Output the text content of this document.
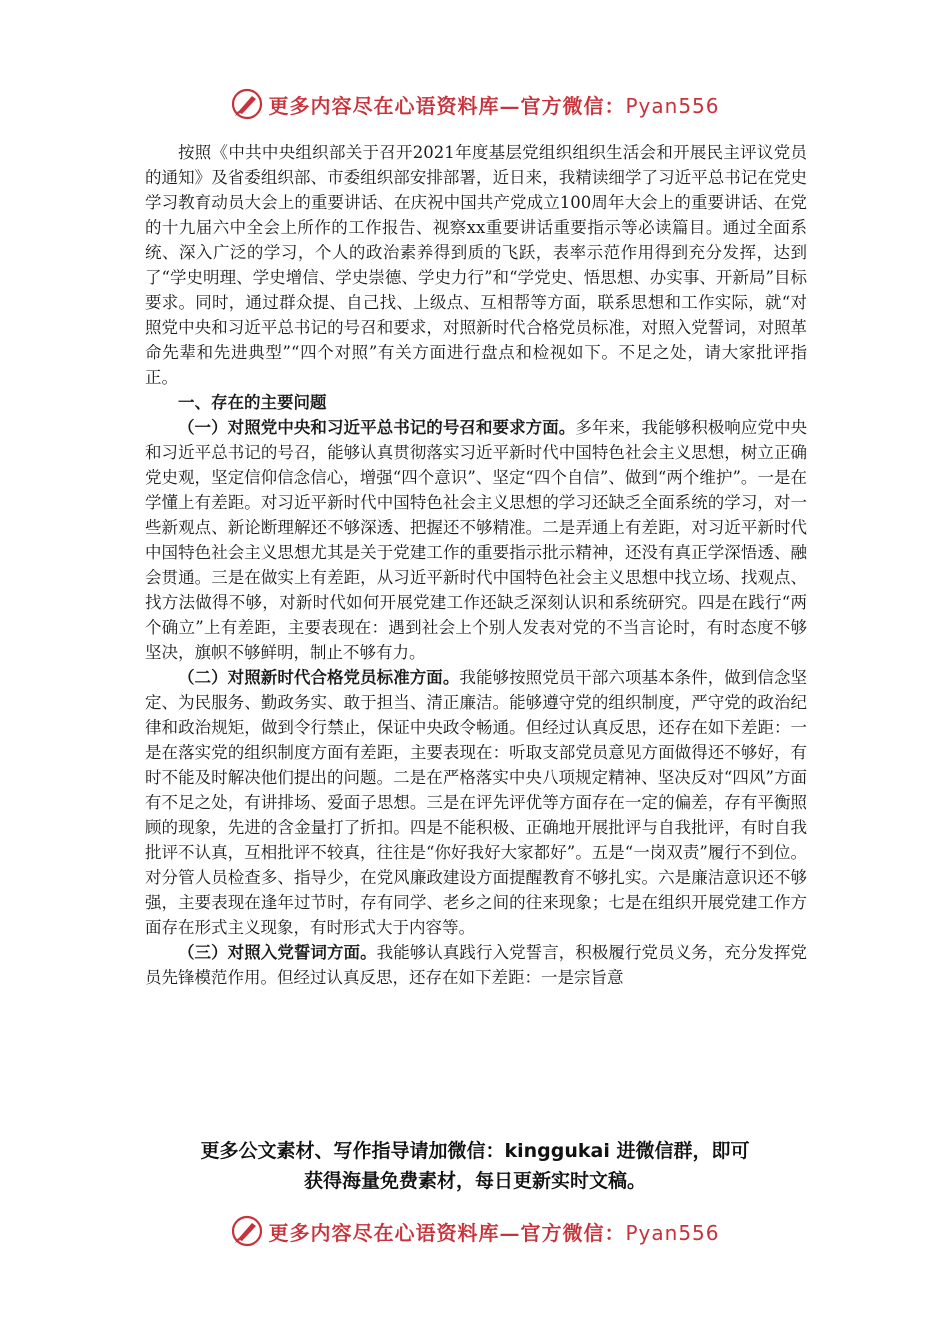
更多内容尽在心语资料库—官方微信：Pyan556

按照《中共中央组织部关于召开2021年度基层党组织组织生活会和开展民主评议党员的通知》及省委组织部、市委组织部安排部署，近日来，我精读细学了习近平总书记在党史学习教育动员大会上的重要讲话、在庆祝中国共产党成立100周年大会上的重要讲话、在党的十九届六中全会上所作的工作报告、视察xx重要讲话重要指示等必读篇目。通过全面系统、深入广泛的学习，个人的政治素养得到质的飞跃，表率示范作用得到充分发挥，达到了“学史明理、学史增信、学史崇德、学史力行”和“学党史、悟思想、办实事、开新局”目标要求。同时，通过群众提、自己找、上级点、互相帮等方面，联系思想和工作实际，就“对照党中央和习近平总书记的号召和要求，对照新时代合格党员标准，对照入党誓词，对照革命先辈和先进典型”“四个对照”有关方面进行盘点和检视如下。不足之处，请大家批评指正。

一、存在的主要问题

（一）对照党中央和习近平总书记的号召和要求方面。多年来，我能够积极响应党中央和习近平总书记的号召，能够认真贯彻落实习近平新时代中国特色社会主义思想，树立正确党史观，坚定信仰信念信心，增强“四个意识”、坚定“四个自信”、做到“两个维护”。一是在学懂上有差距。对习近平新时代中国特色社会主义思想的学习还缺乏全面系统的学习，对一些新观点、新论断理解还不够深透、把握还不够精准。二是弄通上有差距，对习近平新时代中国特色社会主义思想尤其是关于党建工作的重要指示批示精神，还没有真正学深悟透、融会贯通。三是在做实上有差距，从习近平新时代中国特色社会主义思想中找立场、找观点、找方法做得不够，对新时代如何开展党建工作还缺乏深刻认识和系统研究。四是在践行“两个确立”上有差距，主要表现在：遇到社会上个别人发表对党的不当言论时，有时态度不够坚决，旗帜不够鲜明，制止不够有力。

（二）对照新时代合格党员标准方面。我能够按照党员干部六项基本条件，做到信念坚定、为民服务、勤政务实、敢于担当、清正廉洁。能够遵守党的组织制度，严守党的政治纪律和政治规矩，做到令行禁止，保证中央政令畅通。但经过认真反思，还存在如下差距：一是在落实党的组织制度方面有差距，主要表现在：听取支部党员意见方面做得还不够好，有时不能及时解决他们提出的问题。二是在严格落实中央八项规定精神、坚决反对“四风”方面有不足之处，有讲排场、爱面子思想。三是在评先评优等方面存在一定的偏差，存有平衡照顾的现象，先进的含金量打了折扣。四是不能积极、正确地开展批评与自我批评，有时自我批评不认真，互相批评不较真，往往是“你好我好大家都好”。五是“一岗双责”履行不到位。对分管人员检查多、指导少，在党风廉政建设方面提醒教育不够扎实。六是廉洁意识还不够强，主要表现在逢年过节时，存有同学、老乡之间的往来现象；七是在组织开展党建工作方面存在形式主义现象，有时形式大于内容等。

（三）对照入党誓词方面。我能够认真践行入党誓言，积极履行党员义务，充分发挥党员先锋模范作用。但经过认真反思，还存在如下差距：一是宗旨意

更多公文素材、写作指导请加微信：kinggukai 进微信群，即可
获得海量免费素材，每日更新实时文稿。
更多内容尽在心语资料库—官方微信：Pyan556
